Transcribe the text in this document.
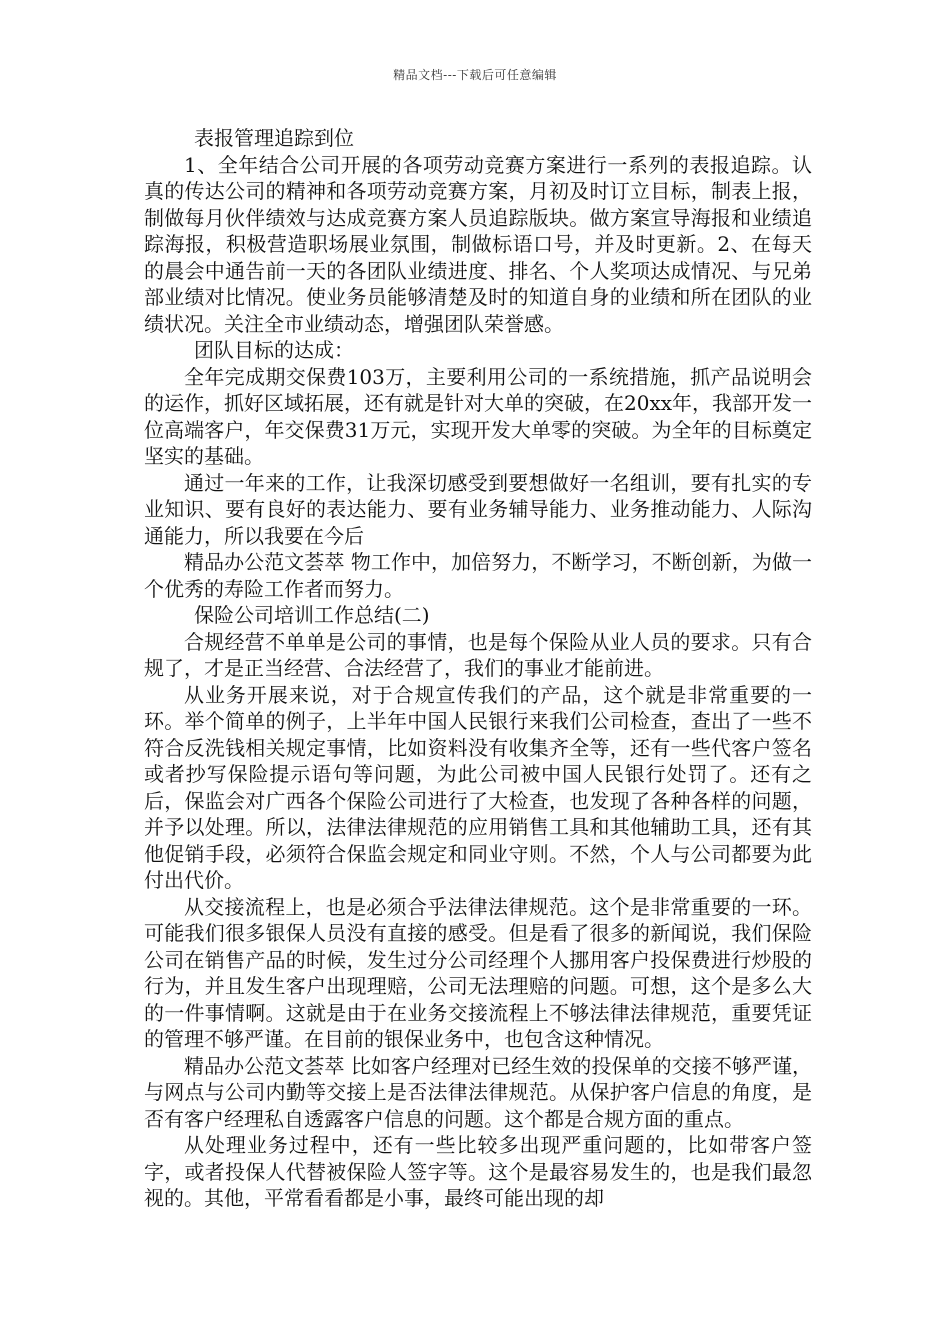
精品文档---下载后可任意编辑

表报管理追踪到位

1、全年结合公司开展的各项劳动竞赛方案进行一系列的表报追踪。认真的传达公司的精神和各项劳动竞赛方案，月初及时订立目标，制表上报，制做每月伙伴绩效与达成竞赛方案人员追踪版块。做方案宣导海报和业绩追踪海报，积极营造职场展业氛围，制做标语口号，并及时更新。2、在每天的晨会中通告前一天的各团队业绩进度、排名、个人奖项达成情况、与兄弟部业绩对比情况。使业务员能够清楚及时的知道自身的业绩和所在团队的业绩状况。关注全市业绩动态，增强团队荣誉感。

团队目标的达成：

全年完成期交保费103万，主要利用公司的一系统措施，抓产品说明会的运作，抓好区域拓展，还有就是针对大单的突破，在20xx年，我部开发一位高端客户，年交保费31万元，实现开发大单零的突破。为全年的目标奠定坚实的基础。

通过一年来的工作，让我深切感受到要想做好一名组训，要有扎实的专业知识、要有良好的表达能力、要有业务辅导能力、业务推动能力、人际沟通能力，所以我要在今后

精品办公范文荟萃 物工作中，加倍努力，不断学习，不断创新，为做一个优秀的寿险工作者而努力。

保险公司培训工作总结(二)

合规经营不单单是公司的事情，也是每个保险从业人员的要求。只有合规了，才是正当经营、合法经营了，我们的事业才能前进。

从业务开展来说，对于合规宣传我们的产品，这个就是非常重要的一环。举个简单的例子，上半年中国人民银行来我们公司检查，查出了一些不符合反洗钱相关规定事情，比如资料没有收集齐全等，还有一些代客户签名或者抄写保险提示语句等问题，为此公司被中国人民银行处罚了。还有之后，保监会对广西各个保险公司进行了大检查，也发现了各种各样的问题，并予以处理。所以，法律法律规范的应用销售工具和其他辅助工具，还有其他促销手段，必须符合保监会规定和同业守则。不然，个人与公司都要为此付出代价。

从交接流程上，也是必须合乎法律法律规范。这个是非常重要的一环。可能我们很多银保人员没有直接的感受。但是看了很多的新闻说，我们保险公司在销售产品的时候，发生过分公司经理个人挪用客户投保费进行炒股的行为，并且发生客户出现理赔，公司无法理赔的问题。可想，这个是多么大的一件事情啊。这就是由于在业务交接流程上不够法律法律规范，重要凭证的管理不够严谨。在目前的银保业务中，也包含这种情况。

精品办公范文荟萃 比如客户经理对已经生效的投保单的交接不够严谨，与网点与公司内勤等交接上是否法律法律规范。从保护客户信息的角度，是否有客户经理私自透露客户信息的问题。这个都是合规方面的重点。

从处理业务过程中，还有一些比较多出现严重问题的，比如带客户签字，或者投保人代替被保险人签字等。这个是最容易发生的，也是我们最忽视的。其他，平常看看都是小事，最终可能出现的却
